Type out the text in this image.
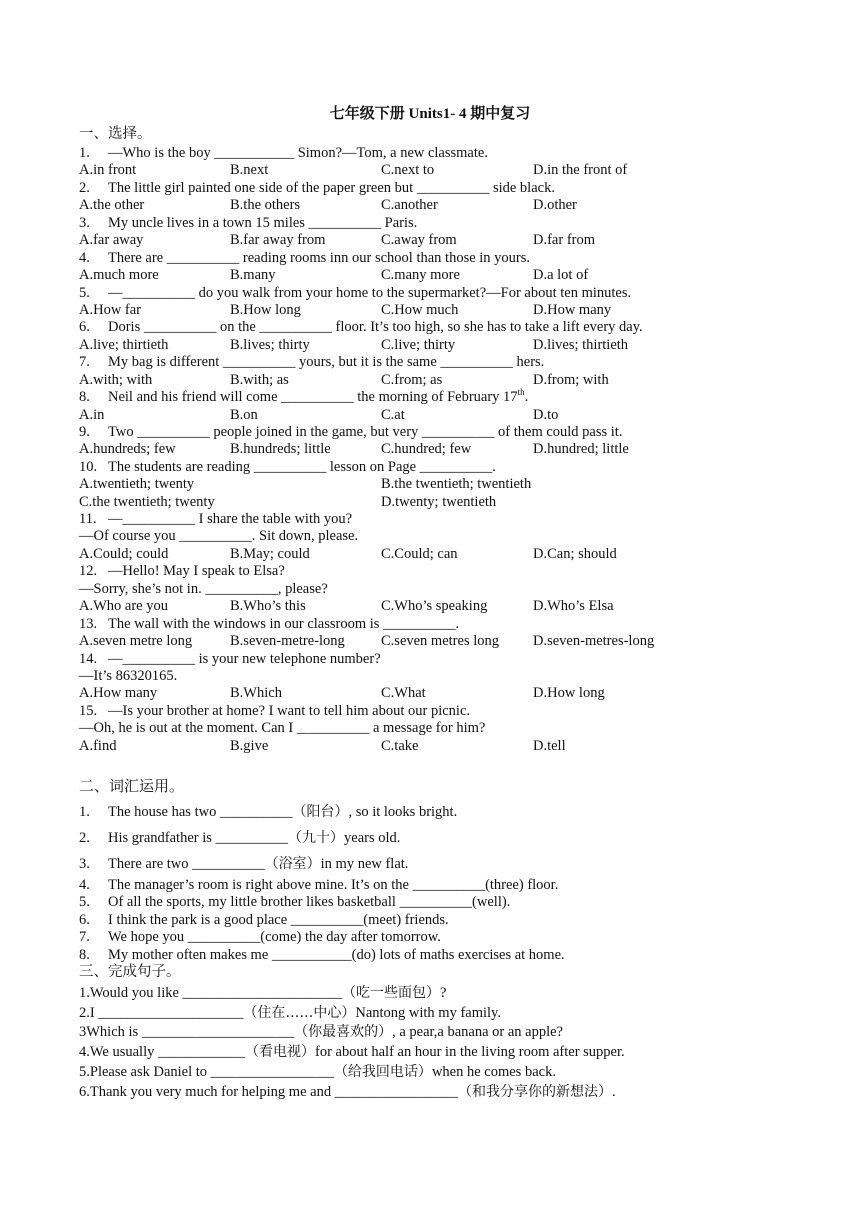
七年级下册 Units1- 4 期中复习
一、选择。
1. —Who is the boy ___________ Simon?—Tom, a new classmate.
A.in front	B.next	C.next to	D.in the front of
2. The little girl painted one side of the paper green but __________ side black.
A.the other	B.the others	C.another	D.other
3. My uncle lives in a town 15 miles __________ Paris.
A.far away	B.far away from	C.away from	D.far from
4. There are __________ reading rooms inn our school than those in yours.
A.much more	B.many	C.many more	D.a lot of
5. —__________ do you walk from your home to the supermarket?—For about ten minutes.
A.How far	B.How long	C.How much	D.How many
6. Doris __________ on the __________ floor. It’s too high, so she has to take a lift every day.
A.live; thirtieth	B.lives; thirty	C.live; thirty	D.lives; thirtieth
7. My bag is different __________ yours, but it is the same __________ hers.
A.with; with	B.with; as	C.from; as	D.from; with
8. Neil and his friend will come __________ the morning of February 17th.
A.in	B.on	C.at	D.to
9. Two __________ people joined in the game, but very __________ of them could pass it.
A.hundreds; few	B.hundreds; little	C.hundred; few	D.hundred; little
10. The students are reading __________ lesson on Page __________.
A.twentieth; twenty	B.the twentieth; twentieth
C.the twentieth; twenty	D.twenty; twentieth
11. —__________ I share the table with you?
—Of course you __________. Sit down, please.
A.Could; could	B.May; could	C.Could; can	D.Can; should
12. —Hello! May I speak to Elsa?
—Sorry, she’s not in. __________, please?
A.Who are you	B.Who’s this	C.Who’s speaking	D.Who’s Elsa
13. The wall with the windows in our classroom is __________.
A.seven metre long	B.seven-metre-long C.seven metres long D.seven-metres-long
14. —__________ is your new telephone number?
—It’s 86320165.
A.How many	B.Which	C.What	D.How long
15. —Is your brother at home? I want to tell him about our picnic.
—Oh, he is out at the moment. Can I __________ a message for him?
A.find	B.give	C.take	D.tell
二、词汇运用。
1. The house has two __________（阳台）, so it looks bright.
2. His grandfather is __________（九十）years old.
3. There are two __________（浴室）in my new flat.
4. The manager’s room is right above mine. It’s on the __________(three) floor.
5. Of all the sports, my little brother likes basketball __________(well).
6. I think the park is a good place __________(meet) friends.
7. We hope you __________(come) the day after tomorrow.
8. My mother often makes me ___________(do) lots of maths exercises at home.
三、完成句子。
1.Would you like ______________________（吃一些面包）?
2.I ____________________（住在……中心）Nantong with my family.
3Which is _____________________（你最喜欢的）, a pear,a banana or an apple?
4.We usually ____________（看电视）for about half an hour in the living room after supper.
5.Please ask Daniel to _________________（给我回电话）when he comes back.
6.Thank you very much for helping me and _________________（和我分享你的新想法）.
